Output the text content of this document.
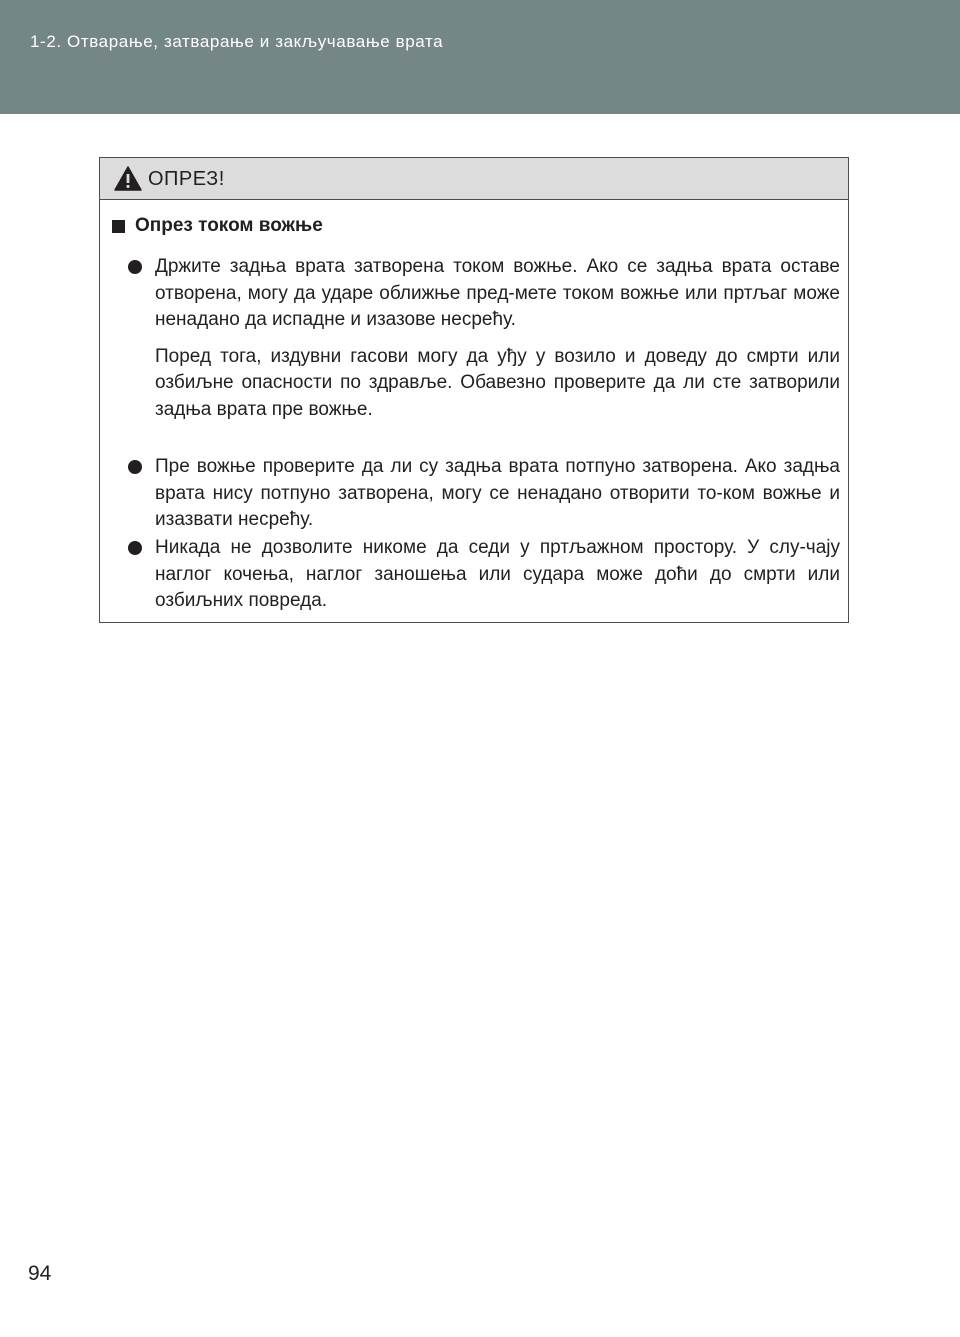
1-2. Отварање, затварање и закључавање врата
ОПРЕЗ!
Опрез током вожње

Држите задња врата затворена током вожње. Ако се задња врата оставе отворена, могу да ударе оближње пред-мете током вожње или пртљаг може ненадано да испадне и изазове несрећу.

Поред тога, издувни гасови могу да уђу у возило и доведу до смрти или озбиљне опасности по здравље. Обавезно проверите да ли сте затворили задња врата пре вожње.

Пре вожње проверите да ли су задња врата потпуно затворена. Ако задња врата нису потпуно затворена, могу се ненадано отворити то-ком вожње и изазвати несрећу.

Никада не дозволите никоме да седи у пртљажном простору. У слу-чају наглог кочења, наглог заношења или судара може доћи до смрти или озбиљних повреда.

94
